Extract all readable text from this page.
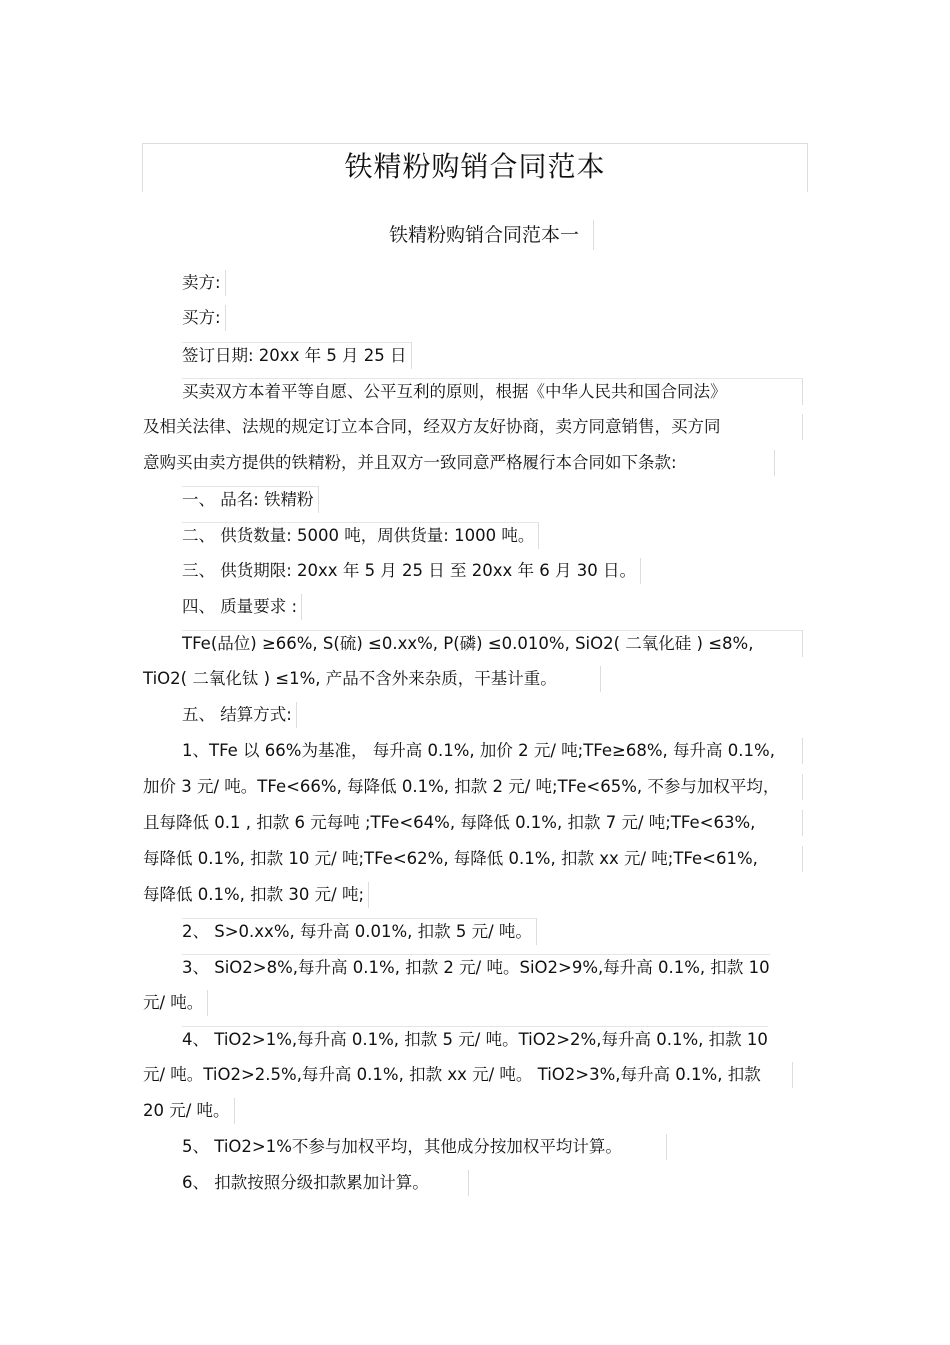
铁精粉购销合同范本
铁精粉购销合同范本一
卖方:
买方:
签订日期: 20xx 年 5 月 25 日
买卖双方本着平等自愿、公平互利的原则，根据《中华人民共和国合同法》
及相关法律、法规的规定订立本合同，经双方友好协商，卖方同意销售，买方同
意购买由卖方提供的铁精粉，并且双方一致同意严格履行本合同如下条款:
一、 品名: 铁精粉
二、 供货数量: 5000 吨，周供货量: 1000 吨。
三、 供货期限: 20xx 年 5 月 25 日 至 20xx 年 6 月 30 日。
四、 质量要求 :
TFe(品位) ≥66%, S(硫) ≤0.xx%, P(磷) ≤0.010%, SiO2( 二氧化硅 ) ≤8%,
TiO2( 二氧化钛 ) ≤1%, 产品不含外来杂质，干基计重。
五、 结算方式:
1、TFe 以 66%为基准， 每升高 0.1%, 加价 2 元/ 吨;TFe≥68%, 每升高 0.1%,
加价 3 元/ 吨。TFe<66%, 每降低 0.1%, 扣款 2 元/ 吨;TFe<65%, 不参与加权平均，
且每降低 0.1 , 扣款 6 元每吨 ;TFe<64%, 每降低 0.1%, 扣款 7 元/ 吨;TFe<63%,
每降低 0.1%, 扣款 10 元/ 吨;TFe<62%, 每降低 0.1%, 扣款 xx 元/ 吨;TFe<61%,
每降低 0.1%, 扣款 30 元/ 吨;
2、 S>0.xx%, 每升高 0.01%, 扣款 5 元/ 吨。
3、 SiO2>8%,每升高 0.1%, 扣款 2 元/ 吨。SiO2>9%,每升高 0.1%, 扣款 10
元/ 吨。
4、 TiO2>1%,每升高 0.1%, 扣款 5 元/ 吨。TiO2>2%,每升高 0.1%, 扣款 10
元/ 吨。TiO2>2.5%,每升高 0.1%, 扣款 xx 元/ 吨。 TiO2>3%,每升高 0.1%, 扣款
20 元/ 吨。
5、 TiO2>1%不参与加权平均，其他成分按加权平均计算。
6、 扣款按照分级扣款累加计算。
